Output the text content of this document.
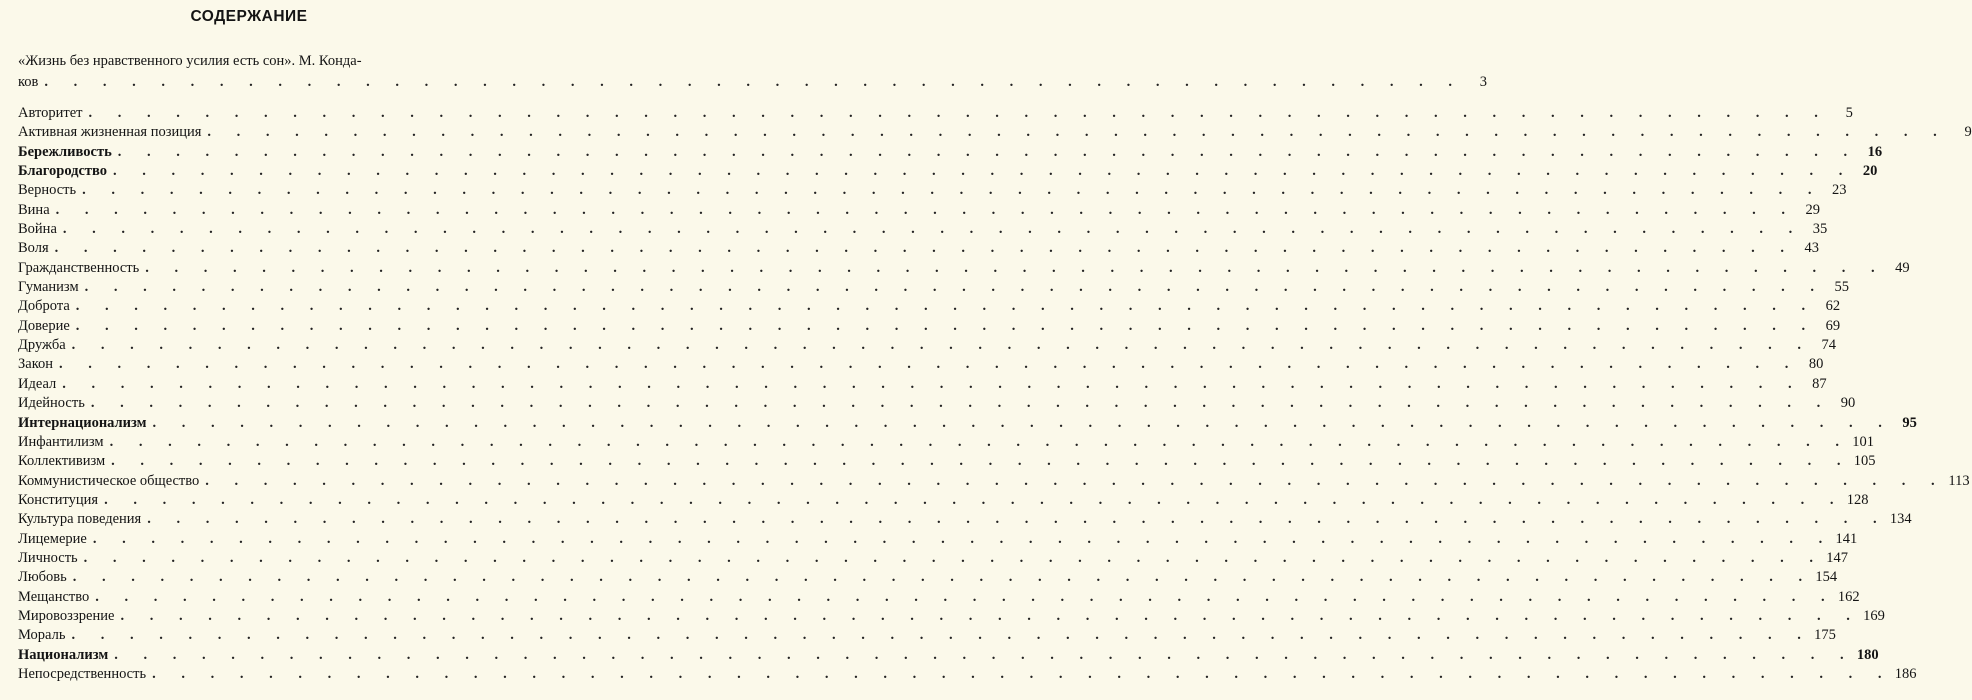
СОДЕРЖАНИЕ
«Жизнь без нравственного усилия есть сон». М. Конда-
ков . . . . . . . . . . . . . . . . . . . . . . . . . . . . . . . . . . . . . . . . . . . . . . . . .	3
Авторитет . . . . . . . . . . . . . . . . . . . . . . . . . . . . . . . . . . . . . . . . . . . . . . . . . . . . . . . . . . . .	5
Активная жизненная позиция . . . . . . . . . . . . . . . . . . . . . . . . . . . . . . . . . . . . . . . . . . . . . . . . . . . . . . . . . . . .	9
Бережливость . . . . . . . . . . . . . . . . . . . . . . . . . . . . . . . . . . . . . . . . . . . . . . . . . . . . . . . . . . . . 16
Благородство . . . . . . . . . . . . . . . . . . . . . . . . . . . . . . . . . . . . . . . . . . . . . . . . . . . . . . . . . . . . 20
Верность . . . . . . . . . . . . . . . . . . . . . . . . . . . . . . . . . . . . . . . . . . . . . . . . . . . . . . . . . . . . 23
Вина . . . . . . . . . . . . . . . . . . . . . . . . . . . . . . . . . . . . . . . . . . . . . . . . . . . . . . . . . . . . 29
Война . . . . . . . . . . . . . . . . . . . . . . . . . . . . . . . . . . . . . . . . . . . . . . . . . . . . . . . . . . . . 35
Воля . . . . . . . . . . . . . . . . . . . . . . . . . . . . . . . . . . . . . . . . . . . . . . . . . . . . . . . . . . . . 43
Гражданственность . . . . . . . . . . . . . . . . . . . . . . . . . . . . . . . . . . . . . . . . . . . . . . . . . . . . . . . . . . . . 49
Гуманизм . . . . . . . . . . . . . . . . . . . . . . . . . . . . . . . . . . . . . . . . . . . . . . . . . . . . . . . . . . . . 55
Доброта . . . . . . . . . . . . . . . . . . . . . . . . . . . . . . . . . . . . . . . . . . . . . . . . . . . . . . . . . . . . 62
Доверие . . . . . . . . . . . . . . . . . . . . . . . . . . . . . . . . . . . . . . . . . . . . . . . . . . . . . . . . . . . . 69
Дружба . . . . . . . . . . . . . . . . . . . . . . . . . . . . . . . . . . . . . . . . . . . . . . . . . . . . . . . . . . . . 74
Закон . . . . . . . . . . . . . . . . . . . . . . . . . . . . . . . . . . . . . . . . . . . . . . . . . . . . . . . . . . . . 80
Идеал . . . . . . . . . . . . . . . . . . . . . . . . . . . . . . . . . . . . . . . . . . . . . . . . . . . . . . . . . . . . 87
Идейность . . . . . . . . . . . . . . . . . . . . . . . . . . . . . . . . . . . . . . . . . . . . . . . . . . . . . . . . . . . . 90
Интернационализм . . . . . . . . . . . . . . . . . . . . . . . . . . . . . . . . . . . . . . . . . . . . . . . . . . . . . . . . . . . . 95
Инфантилизм . . . . . . . . . . . . . . . . . . . . . . . . . . . . . . . . . . . . . . . . . . . . . . . . . . . . . . . . . . . . 101
Коллективизм . . . . . . . . . . . . . . . . . . . . . . . . . . . . . . . . . . . . . . . . . . . . . . . . . . . . . . . . . . . . 105
Коммунистическое общество . . . . . . . . . . . . . . . . . . . . . . . . . . . . . . . . . . . . . . . . . . . . . . . . . . . . . . . . . . . . 113
Конституция . . . . . . . . . . . . . . . . . . . . . . . . . . . . . . . . . . . . . . . . . . . . . . . . . . . . . . . . . . . . 128
Культура поведения . . . . . . . . . . . . . . . . . . . . . . . . . . . . . . . . . . . . . . . . . . . . . . . . . . . . . . . . . . . . 134
Лицемерие . . . . . . . . . . . . . . . . . . . . . . . . . . . . . . . . . . . . . . . . . . . . . . . . . . . . . . . . . . . . 141
Личность . . . . . . . . . . . . . . . . . . . . . . . . . . . . . . . . . . . . . . . . . . . . . . . . . . . . . . . . . . . . 147
Любовь . . . . . . . . . . . . . . . . . . . . . . . . . . . . . . . . . . . . . . . . . . . . . . . . . . . . . . . . . . . . 154
Мещанство . . . . . . . . . . . . . . . . . . . . . . . . . . . . . . . . . . . . . . . . . . . . . . . . . . . . . . . . . . . . 162
Мировоззрение . . . . . . . . . . . . . . . . . . . . . . . . . . . . . . . . . . . . . . . . . . . . . . . . . . . . . . . . . . . . 169
Мораль . . . . . . . . . . . . . . . . . . . . . . . . . . . . . . . . . . . . . . . . . . . . . . . . . . . . . . . . . . . . 175
Национализм . . . . . . . . . . . . . . . . . . . . . . . . . . . . . . . . . . . . . . . . . . . . . . . . . . . . . . . . . . . . 180
Непосредственность . . . . . . . . . . . . . . . . . . . . . . . . . . . . . . . . . . . . . . . . . . . . . . . . . . . . . . . . . . . . 186
